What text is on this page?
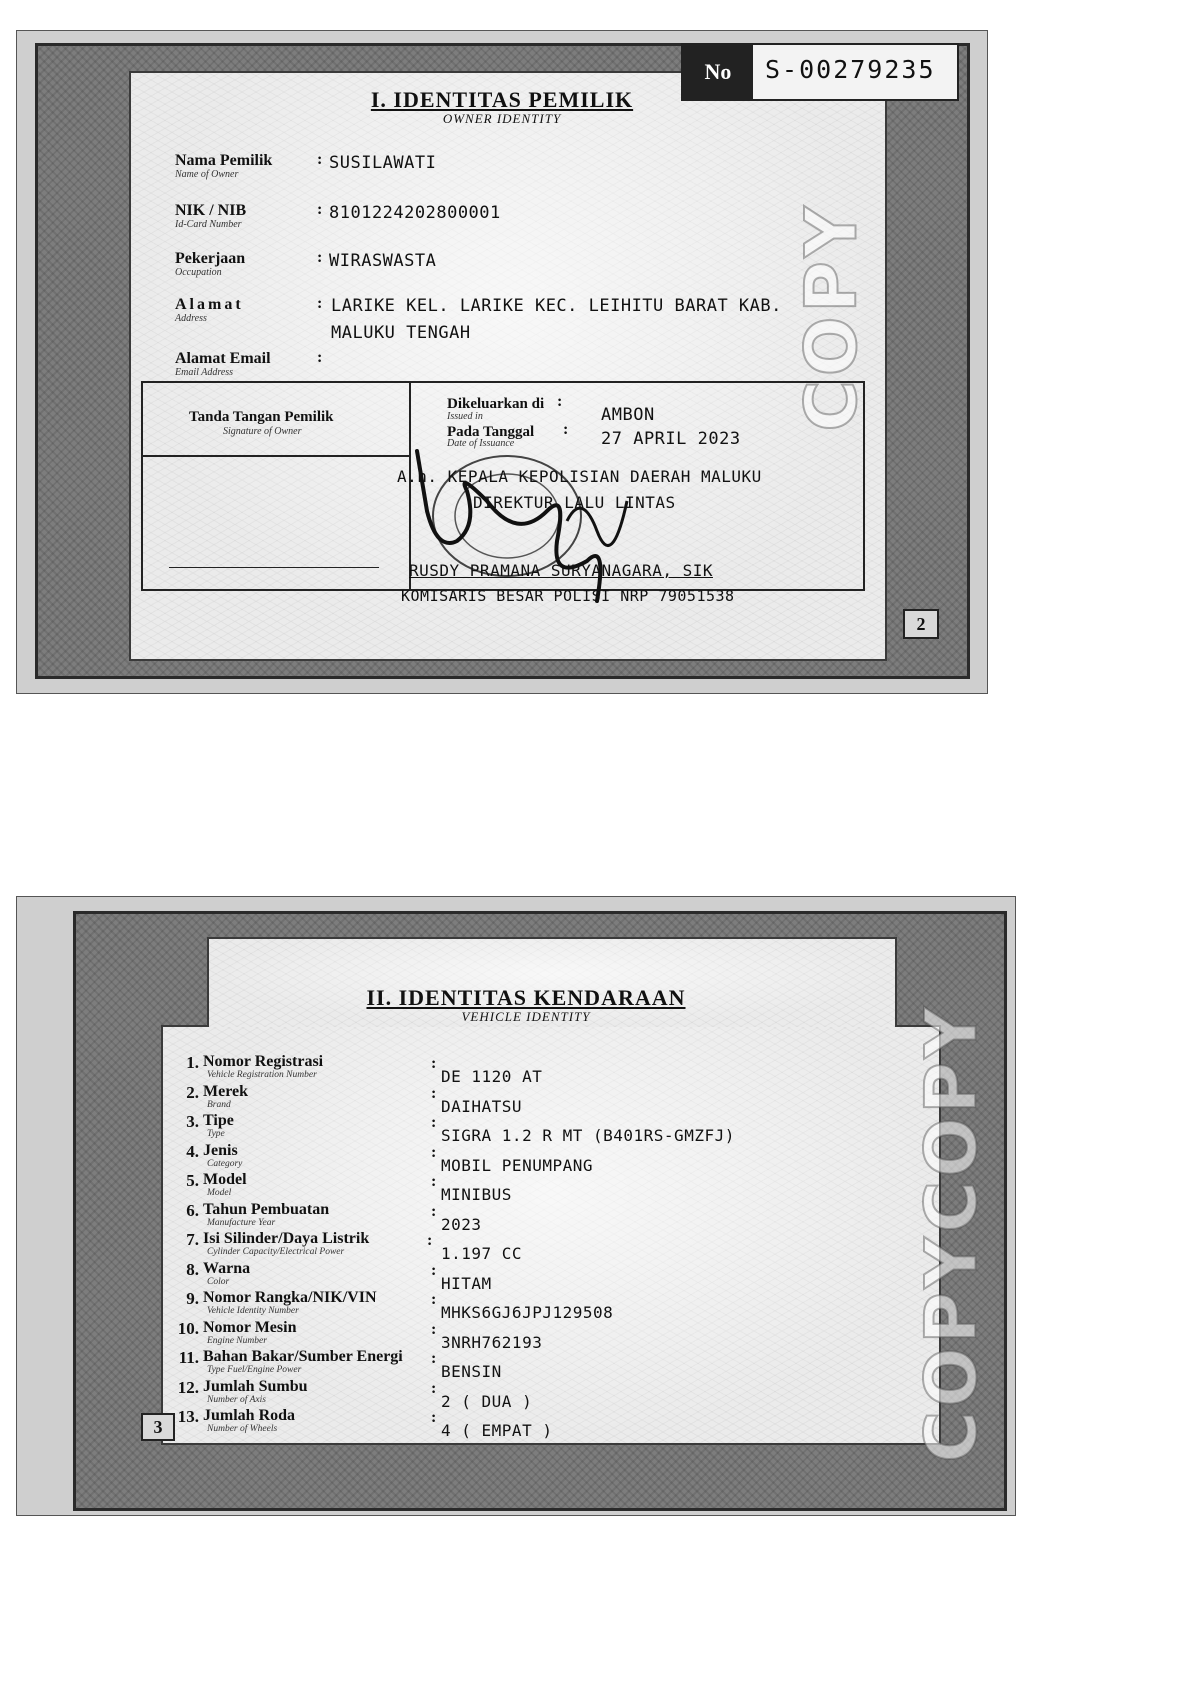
COPY
No	S-00279235
I. IDENTITAS PEMILIK
OWNER IDENTITY
Nama Pemilik
Name of Owner
: SUSILAWATI
NIK / NIB
Id-Card Number
: 8101224202800001
Pekerjaan
Occupation
: WIRASWASTA
Alamat
Address
: LARIKE KEL. LARIKE KEC. LEIHITU BARAT KAB.
MALUKU TENGAH
Alamat Email
Email Address
:
Tanda Tangan Pemilik
Signature of Owner
Dikeluarkan di
Issued in
:
AMBON
Pada Tanggal
Date of Issuance
: 27 APRIL 2023
A.n. KEPALA KEPOLISIAN DAERAH MALUKU
DIREKTUR LALU LINTAS
RUSDY PRAMANA SURYANAGARA, SIK
KOMISARIS BESAR POLISI NRP 79051538
2
COPY
COPY
II. IDENTITAS KENDARAAN
VEHICLE IDENTITY
1. Nomor Registrasi
Vehicle Registration Number
:
DE 1120 AT
2. Merek
Brand
:
DAIHATSU
3. Tipe
Type
:
SIGRA 1.2 R MT (B401RS-GMZFJ)
4. Jenis
Category
:
MOBIL PENUMPANG
5. Model
Model
:
MINIBUS
6. Tahun Pembuatan
Manufacture Year
:
2023
7. Isi Silinder/Daya Listrik
Cylinder Capacity/Electrical Power
:
1.197 CC
8. Warna
Color
:
HITAM
9. Nomor Rangka/NIK/VIN
Vehicle Identity Number
:
MHKS6GJ6JPJ129508
10. Nomor Mesin
Engine Number
:
3NRH762193
11. Bahan Bakar/Sumber Energi
Type Fuel/Engine Power
:
BENSIN
12. Jumlah Sumbu
Number of Axis
:
2 ( DUA )
13. Jumlah Roda
Number of Wheels
:
4 ( EMPAT )
3
